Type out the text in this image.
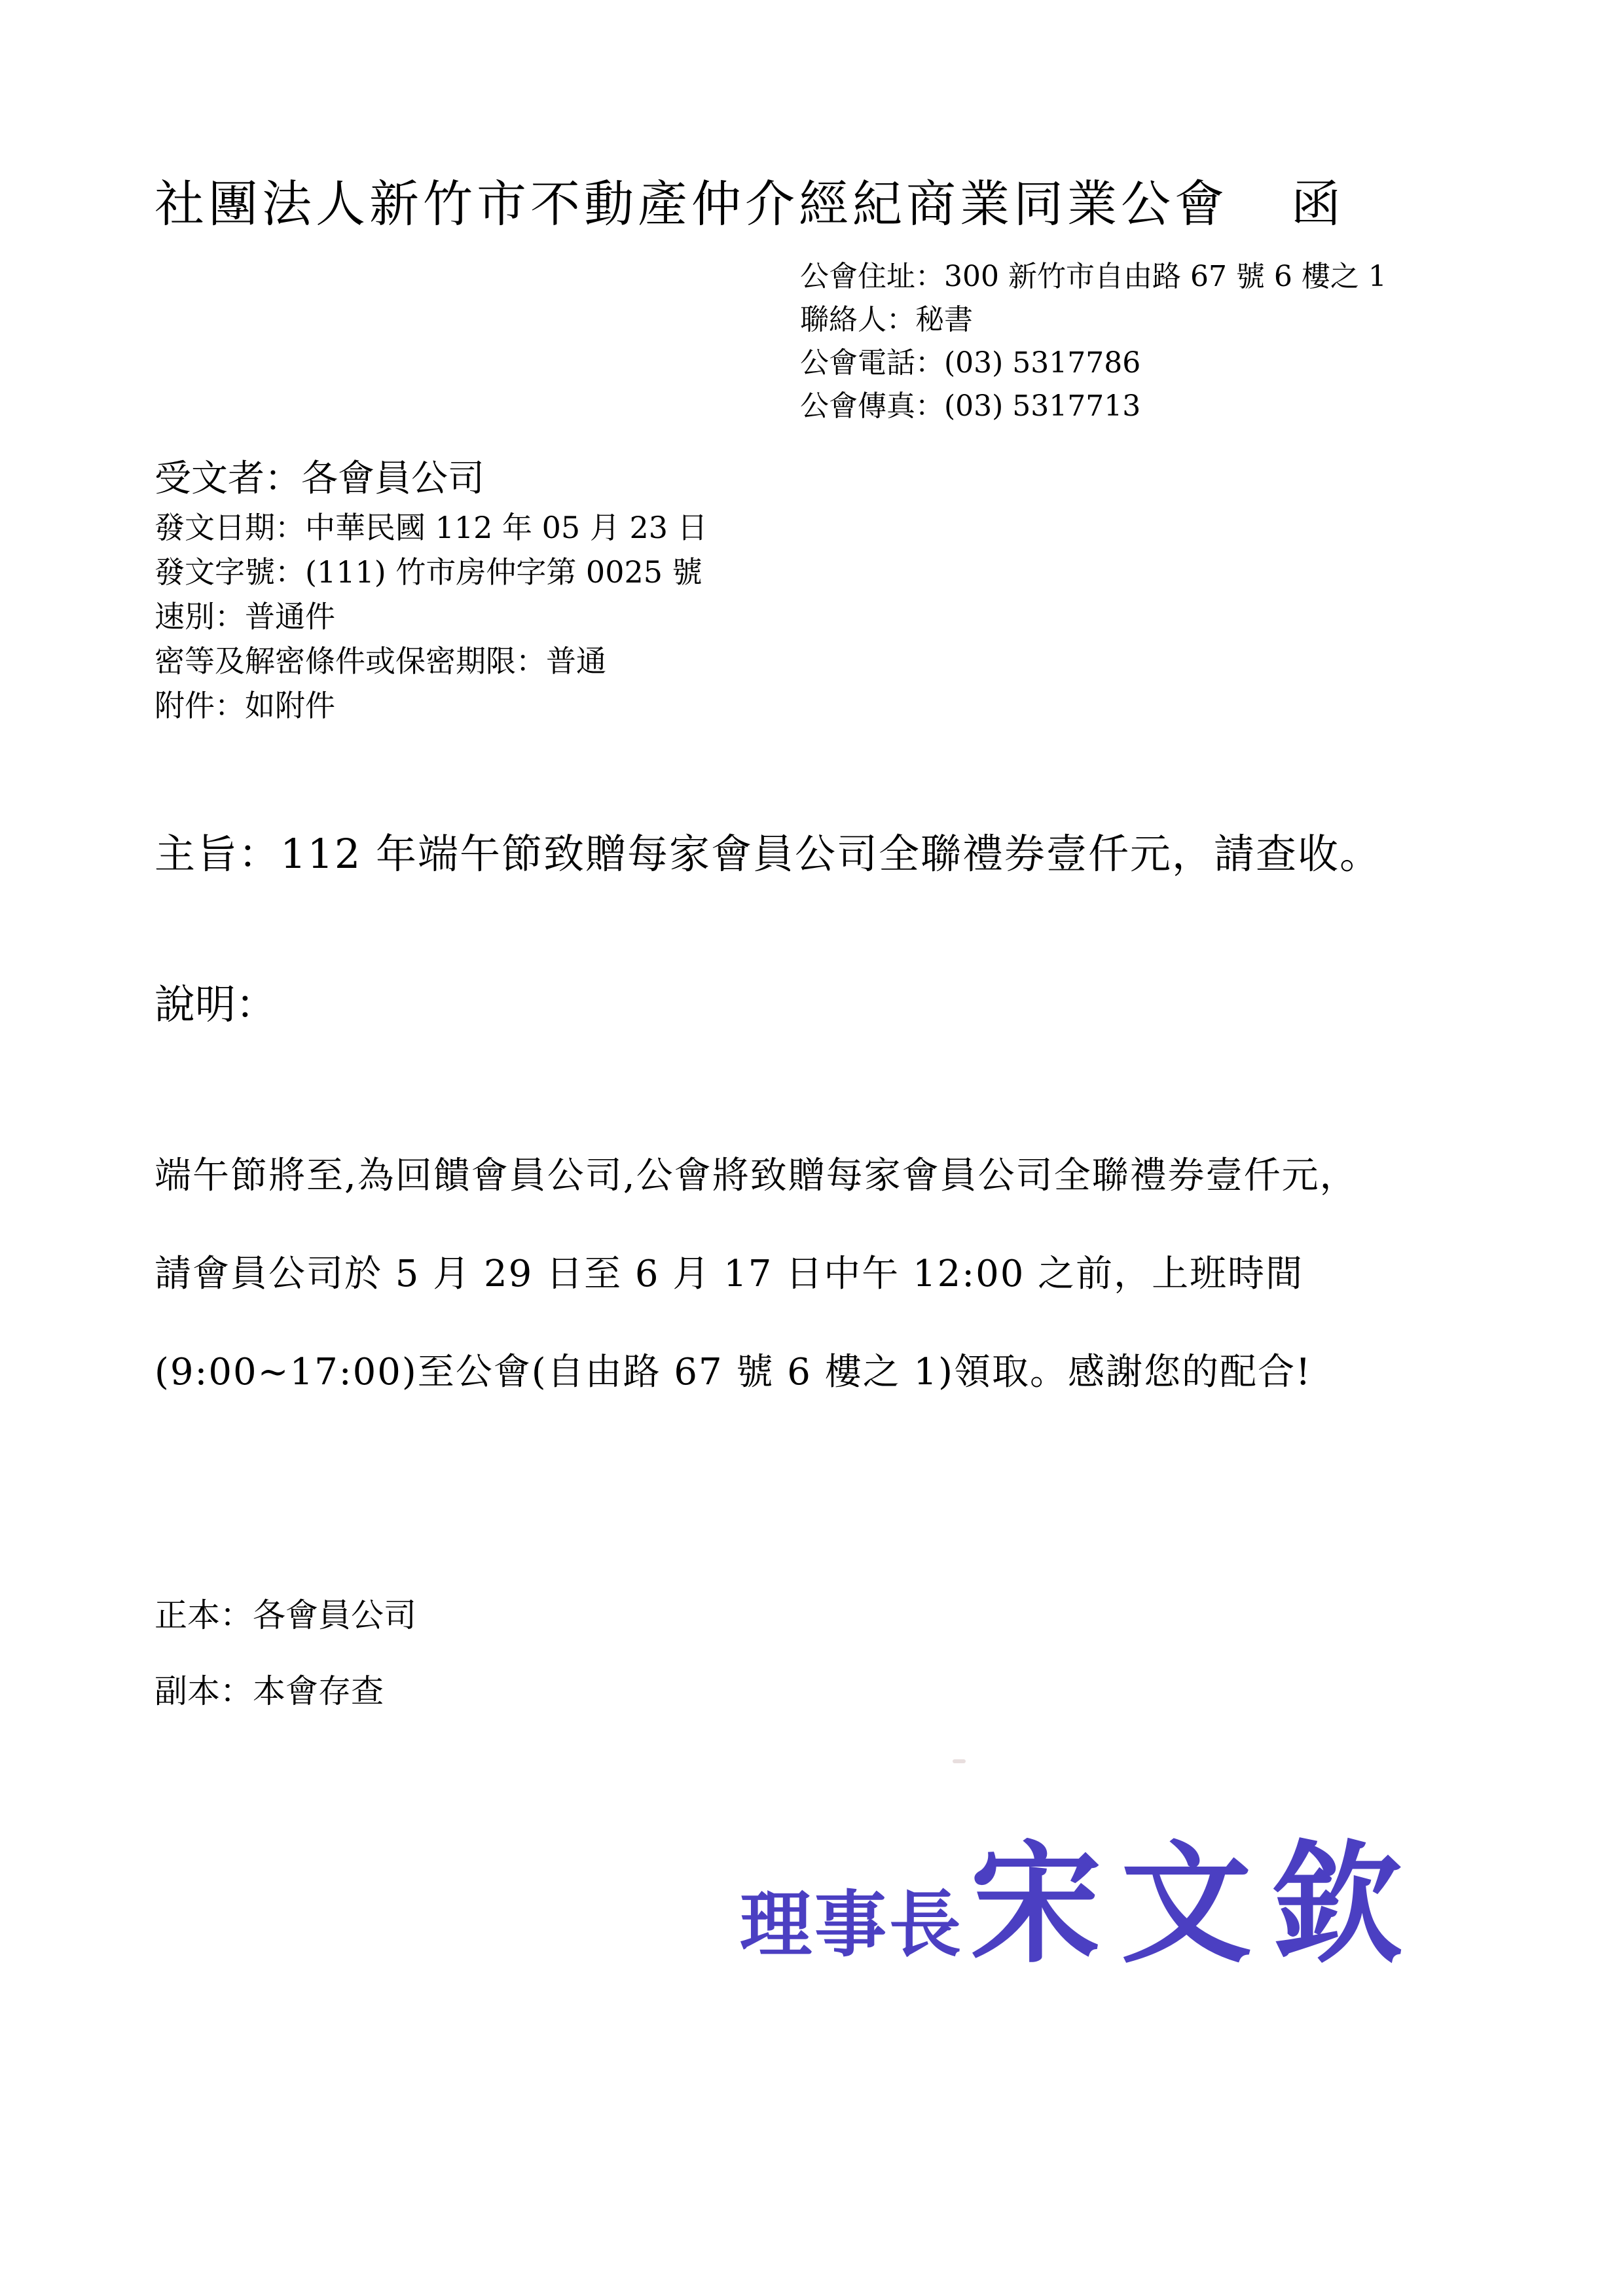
社團法人新竹市不動產仲介經紀商業同業公會 函
公會住址：300 新竹市自由路 67 號 6 樓之 1
聯絡人：秘書
公會電話：(03) 5317786
公會傳真：(03) 5317713
受文者：各會員公司
發文日期：中華民國 112 年 05 月 23 日
發文字號：(111) 竹市房仲字第 0025 號
速別：普通件
密等及解密條件或保密期限：普通
附件：如附件
主旨：112 年端午節致贈每家會員公司全聯禮券壹仟元，請查收。
說明：
端午節將至,為回饋會員公司,公會將致贈每家會員公司全聯禮券壹仟元，
請會員公司於 5 月 29 日至 6 月 17 日中午 12:00 之前，上班時間
(9:00~17:00)至公會(自由路 67 號 6 樓之 1)領取。感謝您的配合!
正本：各會員公司
副本：本會存查
理事長宋文欽
